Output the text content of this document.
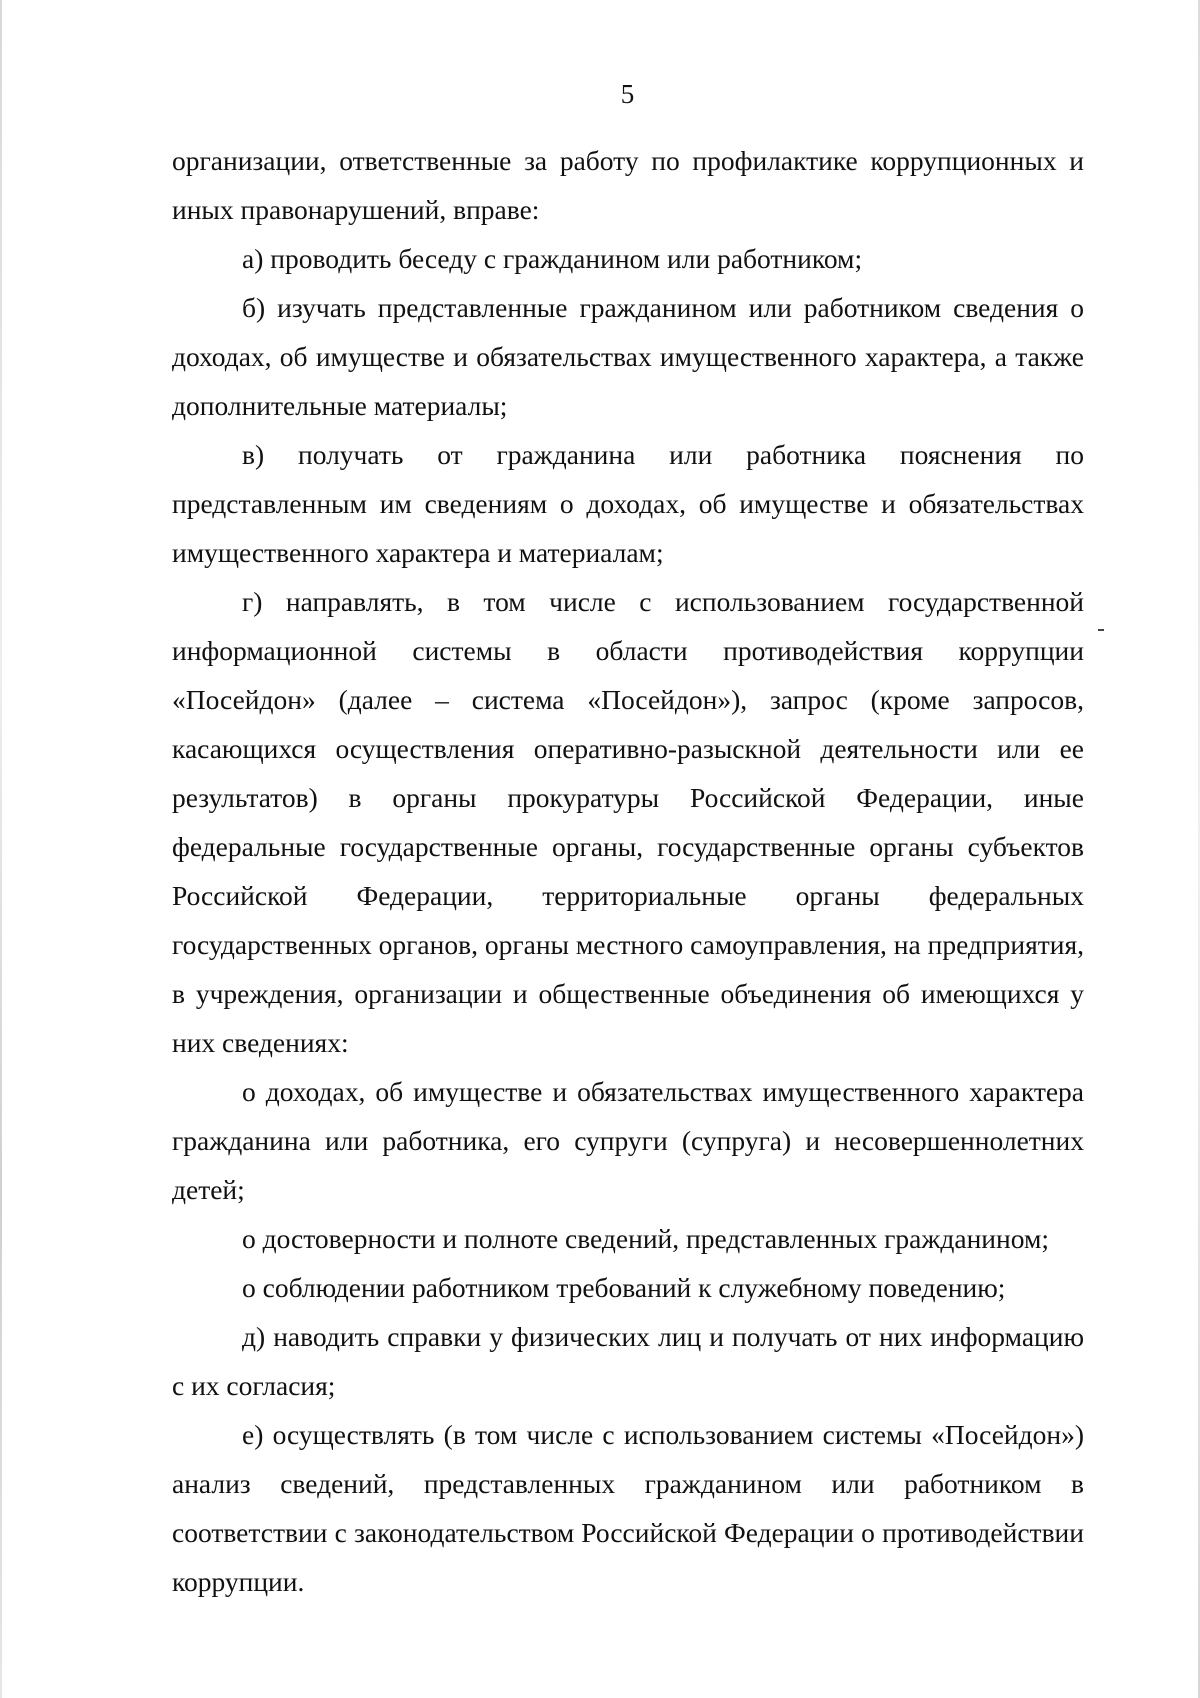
5

организации, ответственные за работу по профилактике коррупционных и иных правонарушений, вправе:

а) проводить беседу с гражданином или работником;

б) изучать представленные гражданином или работником сведения о доходах, об имуществе и обязательствах имущественного характера, а также дополнительные материалы;

в) получать от гражданина или работника пояснения по представленным им сведениям о доходах, об имуществе и обязательствах имущественного характера и материалам;

г) направлять, в том числе с использованием государственной информационной системы в области противодействия коррупции «Посейдон» (далее – система «Посейдон»), запрос (кроме запросов, касающихся осуществления оперативно-разыскной деятельности или ее результатов) в органы прокуратуры Российской Федерации, иные федеральные государственные органы, государственные органы субъектов Российской Федерации, территориальные органы федеральных государственных органов, органы местного самоуправления, на предприятия, в учреждения, организации и общественные объединения об имеющихся у них сведениях:

о доходах, об имуществе и обязательствах имущественного характера гражданина или работника, его супруги (супруга) и несовершеннолетних детей;

о достоверности и полноте сведений, представленных гражданином;

о соблюдении работником требований к служебному поведению;

д) наводить справки у физических лиц и получать от них информацию с их согласия;

е) осуществлять (в том числе с использованием системы «Посейдон») анализ сведений, представленных гражданином или работником в соответствии с законодательством Российской Федерации о противодействии коррупции.
